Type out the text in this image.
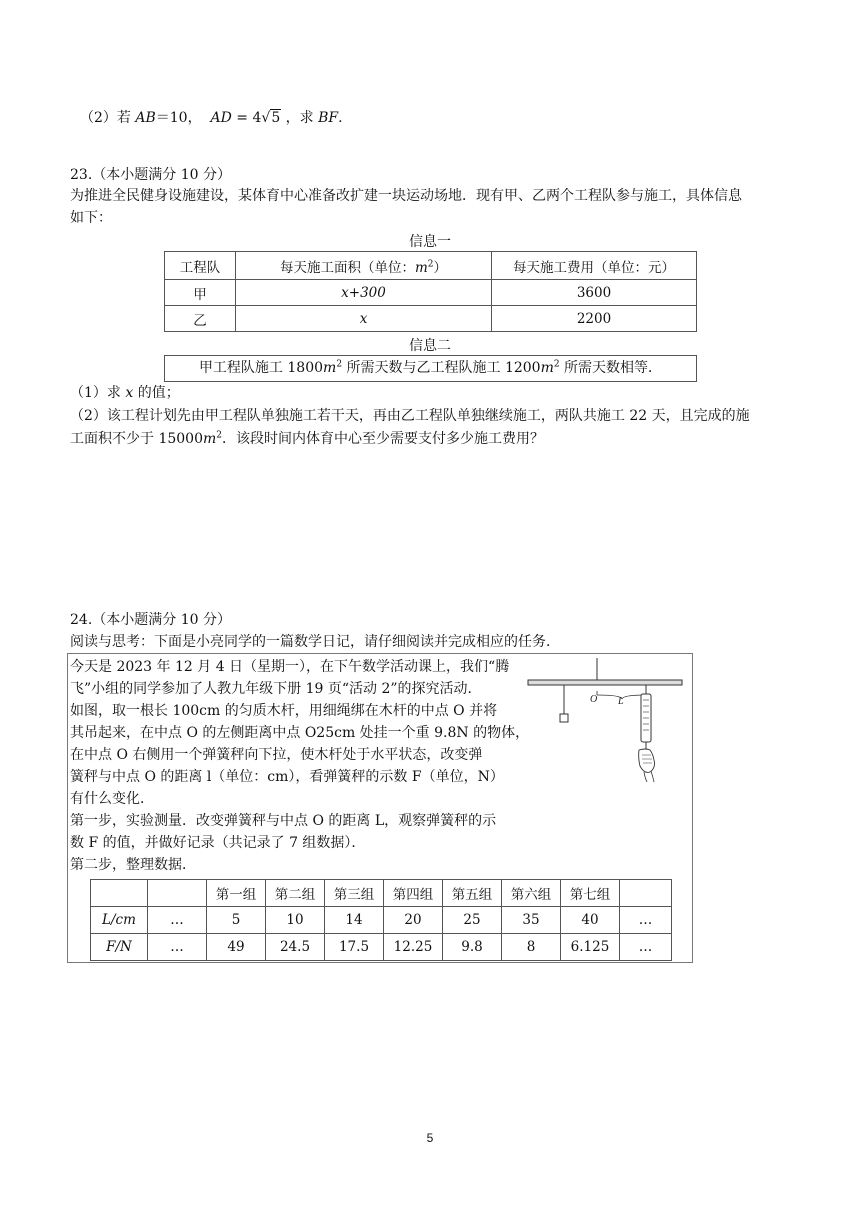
（2）若 AB＝10， AD = 4√5 ，求 BF.
23.（本小题满分 10 分）
为推进全民健身设施建设，某体育中心准备改扩建一块运动场地．现有甲、乙两个工程队参与施工，具体信息
如下：
信息一
工程队	每天施工面积（单位：$m^2$）	每天施工费用（单位：元）
甲	x+300	3600
乙	x	2200
信息二
甲工程队施工 $1800m^2$ 所需天数与乙工程队施工 $1200m^2$ 所需天数相等．
（1）求 x 的值；
（2）该工程计划先由甲工程队单独施工若干天，再由乙工程队单独继续施工，两队共施工 22 天，且完成的施
工面积不少于 $15000m^2$．该段时间内体育中心至少需要支付多少施工费用？
24.（本小题满分 10 分）
阅读与思考：下面是小亮同学的一篇数学日记，请仔细阅读并完成相应的任务．
今天是 2023 年 12 月 4 日（星期一），在下午数学活动课上，我们“腾
飞”小组的同学参加了人教九年级下册 19 页“活动 2”的探究活动．
如图，取一根长 100cm 的匀质木杆，用细绳绑在木杆的中点 O 并将
其吊起来，在中点 O 的左侧距离中点 O25cm 处挂一个重 9.8N 的物体，
在中点 O 右侧用一个弹簧秤向下拉，使木杆处于水平状态，改变弹
簧秤与中点 O 的距离 l（单位：cm），看弹簧秤的示数 F（单位，N）
有什么变化．
第一步，实验测量．改变弹簧秤与中点 O 的距离 L，观察弹簧秤的示
数 F 的值，并做好记录（共记录了 7 组数据）．
第二步，整理数据．
O L
		第一组	第二组	第三组	第四组	第五组	第六组	第七组	
L/cm	…	5	10	14	20	25	35	40	…
F/N	…	49	24.5	17.5	12.25	9.8	8	6.125	…
5
